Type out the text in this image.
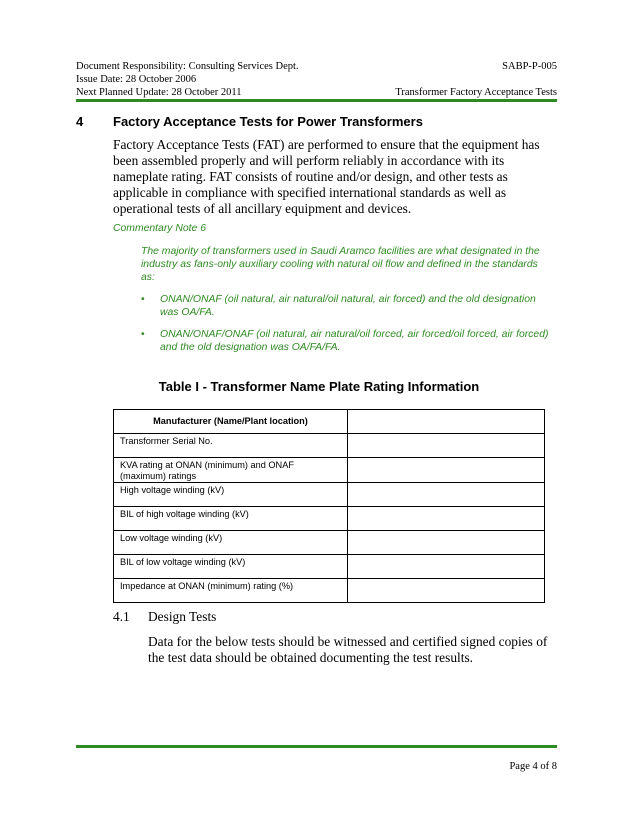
Document Responsibility: Consulting Services Dept.	SABP-P-005
Issue Date: 28 October 2006
Next Planned Update: 28 October 2011	Transformer Factory Acceptance Tests
4 Factory Acceptance Tests for Power Transformers
Factory Acceptance Tests (FAT) are performed to ensure that the equipment has been assembled properly and will perform reliably in accordance with its nameplate rating. FAT consists of routine and/or design, and other tests as applicable in compliance with specified international standards as well as operational tests of all ancillary equipment and devices.
Commentary Note 6
The majority of transformers used in Saudi Aramco facilities are what designated in the industry as fans-only auxiliary cooling with natural oil flow and defined in the standards as:
•	ONAN/ONAF (oil natural, air natural/oil natural, air forced) and the old designation was OA/FA.
•	ONAN/ONAF/ONAF (oil natural, air natural/oil forced, air forced/oil forced, air forced) and the old designation was OA/FA/FA.
Table I - Transformer Name Plate Rating Information
Manufacturer (Name/Plant location)	
Transformer Serial No.	
KVA rating at ONAN (minimum) and ONAF (maximum) ratings	
High voltage winding (kV)	
BIL of high voltage winding (kV)	
Low voltage winding (kV)	
BIL of low voltage winding (kV)	
Impedance at ONAN (minimum) rating (%)	
4.1 Design Tests
Data for the below tests should be witnessed and certified signed copies of the test data should be obtained documenting the test results.
Page 4 of 8
